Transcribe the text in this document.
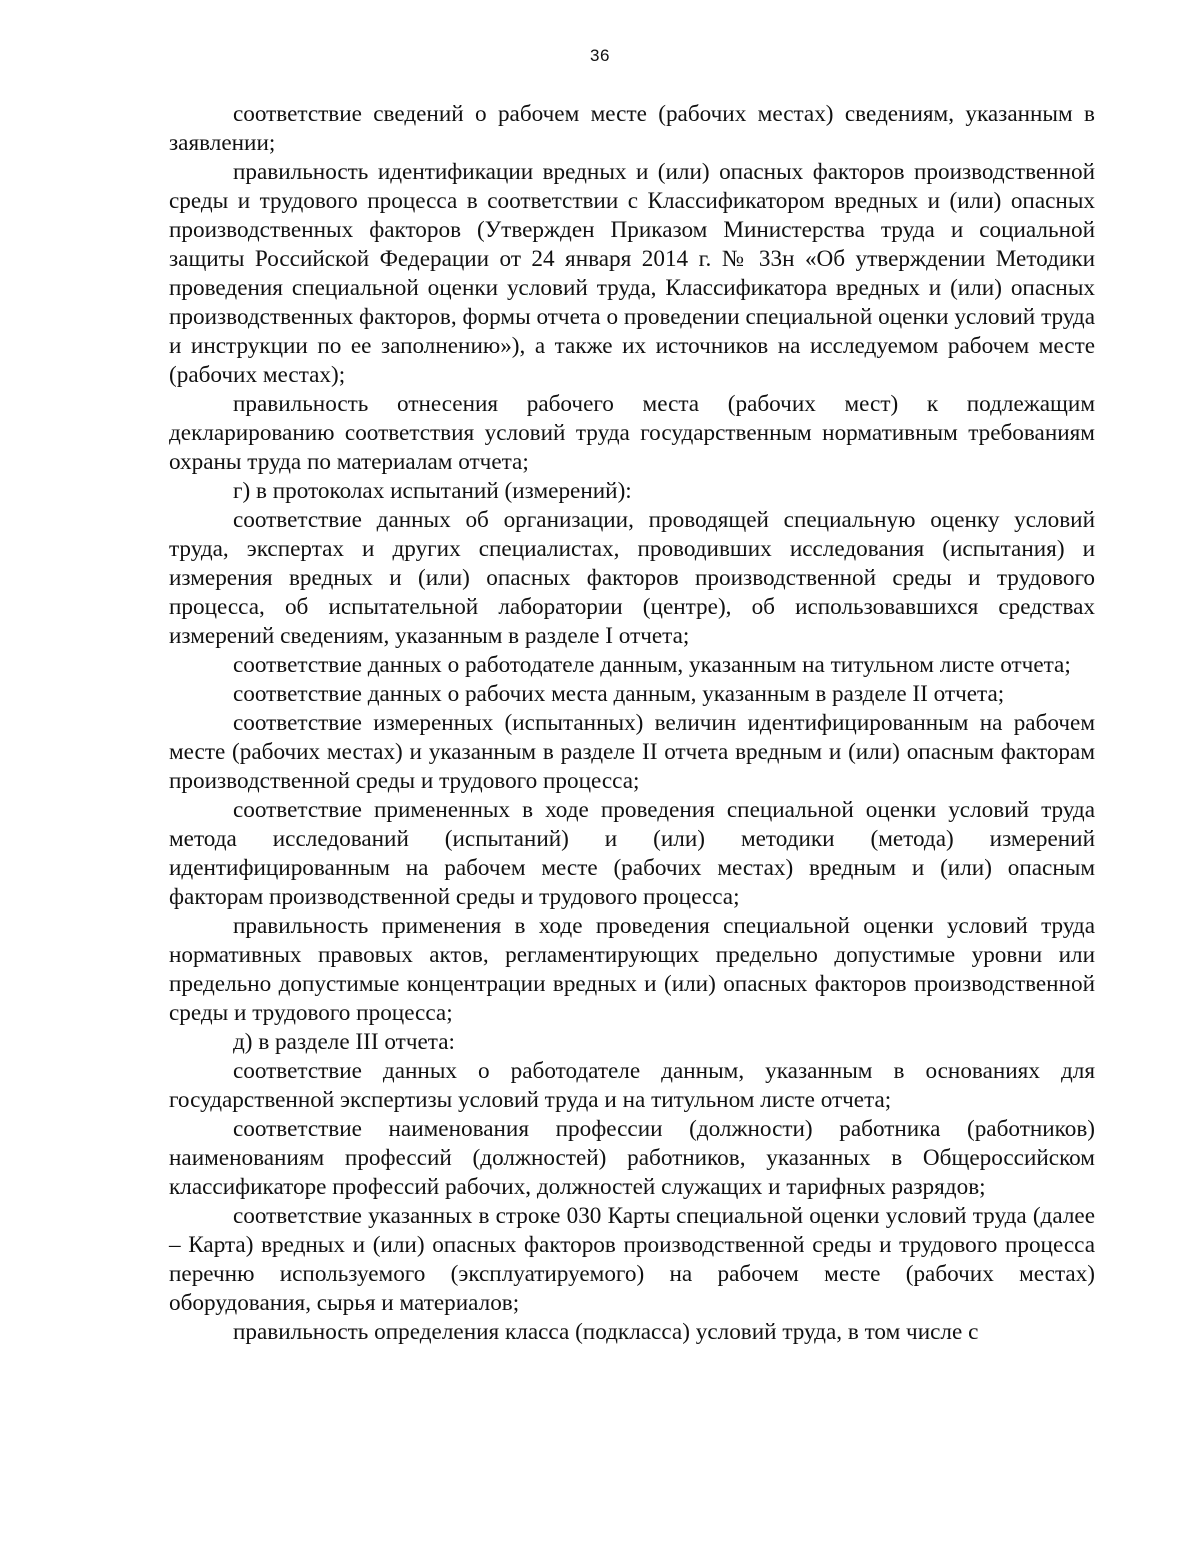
36

соответствие сведений о рабочем месте (рабочих местах) сведениям, указанным в заявлении;

правильность идентификации вредных и (или) опасных факторов производственной среды и трудового процесса в соответствии с Классификатором вредных и (или) опасных производственных факторов (Утвержден Приказом Министерства труда и социальной защиты Российской Федерации от 24 января 2014 г. № 33н «Об утверждении Методики проведения специальной оценки условий труда, Классификатора вредных и (или) опасных производственных факторов, формы отчета о проведении специальной оценки условий труда и инструкции по ее заполнению»), а также их источников на исследуемом рабочем месте (рабочих местах);

правильность отнесения рабочего места (рабочих мест) к подлежащим декларированию соответствия условий труда государственным нормативным требованиям охраны труда по материалам отчета;

г) в протоколах испытаний (измерений):

соответствие данных об организации, проводящей специальную оценку условий труда, экспертах и других специалистах, проводивших исследования (испытания) и измерения вредных и (или) опасных факторов производственной среды и трудового процесса, об испытательной лаборатории (центре), об использовавшихся средствах измерений сведениям, указанным в разделе I отчета;

соответствие данных о работодателе данным, указанным на титульном листе отчета;

соответствие данных о рабочих места данным, указанным в разделе II отчета;

соответствие измеренных (испытанных) величин идентифицированным на рабочем месте (рабочих местах) и указанным в разделе II отчета вредным и (или) опасным факторам производственной среды и трудового процесса;

соответствие примененных в ходе проведения специальной оценки условий труда метода исследований (испытаний) и (или) методики (метода) измерений идентифицированным на рабочем месте (рабочих местах) вредным и (или) опасным факторам производственной среды и трудового процесса;

правильность применения в ходе проведения специальной оценки условий труда нормативных правовых актов, регламентирующих предельно допустимые уровни или предельно допустимые концентрации вредных и (или) опасных факторов производственной среды и трудового процесса;

д) в разделе III отчета:

соответствие данных о работодателе данным, указанным в основаниях для государственной экспертизы условий труда и на титульном листе отчета;

соответствие наименования профессии (должности) работника (работников) наименованиям профессий (должностей) работников, указанных в Общероссийском классификаторе профессий рабочих, должностей служащих и тарифных разрядов;

соответствие указанных в строке 030 Карты специальной оценки условий труда (далее – Карта) вредных и (или) опасных факторов производственной среды и трудового процесса перечню используемого (эксплуатируемого) на рабочем месте (рабочих местах) оборудования, сырья и материалов;

правильность определения класса (подкласса) условий труда, в том числе с
